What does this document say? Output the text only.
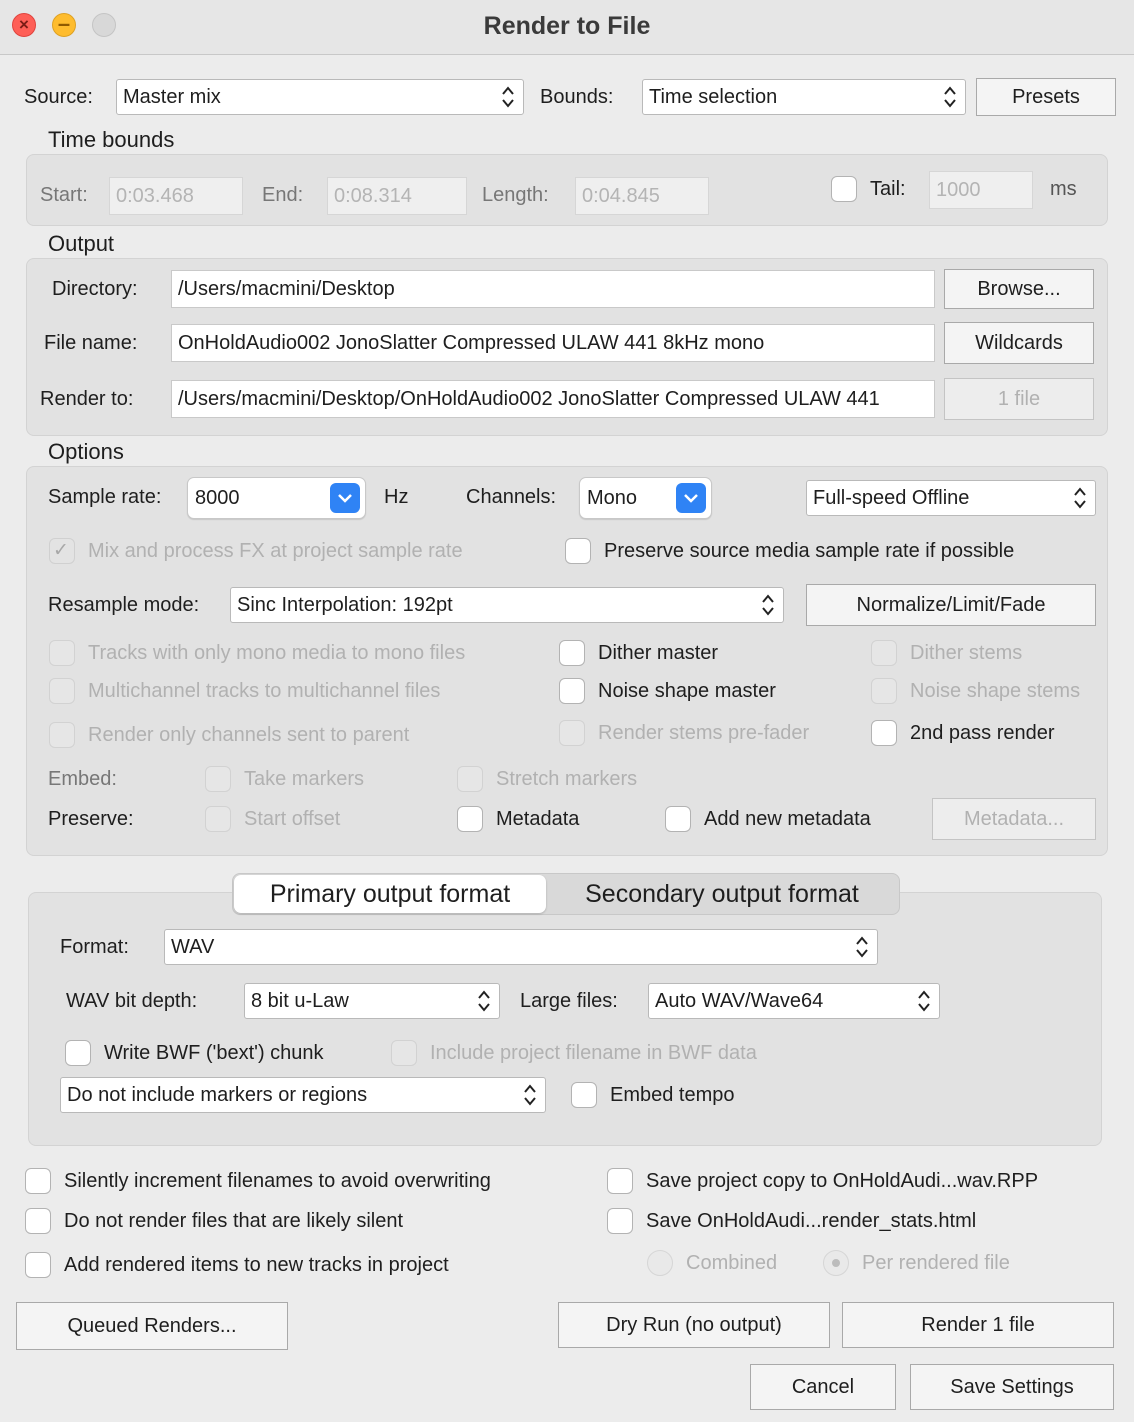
× –	Render to File
Source: Master mix	Bounds: Time selection	Presets
Time bounds
Start:	0:03.468	End:	0:08.314	Length:	0:04.845	Tail:	1000	ms
Output
Directory:	/Users/macmini/Desktop	Browse...
File name:	OnHoldAudio002 JonoSlatter Compressed ULAW 441 8kHz mono	Wildcards
Render to:	/Users/macmini/Desktop/OnHoldAudio002 JonoSlatter Compressed ULAW 441	1 file
Options
Sample rate: 8000	Hz	Channels: Mono	Full-speed Offline
✓ Mix and process FX at project sample rate	Preserve source media sample rate if possible
Resample mode: Sinc Interpolation: 192pt	Normalize/Limit/Fade
Tracks with only mono media to mono files	Dither master	Dither stems
Multichannel tracks to multichannel files	Noise shape master	Noise shape stems
Render only channels sent to parent	Render stems pre-fader	2nd pass render
Embed:	Take markers	Stretch markers
Preserve:	Start offset	Metadata	Add new metadata	Metadata...
Primary output format	Secondary output format
Format: WAV
WAV bit depth:	8 bit u-Law	Large files: Auto WAV/Wave64
Write BWF ('bext') chunk	Include project filename in BWF data
Do not include markers or regions	Embed tempo
Silently increment filenames to avoid overwriting	Save project copy to OnHoldAudi...wav.RPP
Do not render files that are likely silent	Save OnHoldAudi...render_stats.html
Add rendered items to new tracks in project	Combined	Per rendered file
Queued Renders...	Dry Run (no output)	Render 1 file
Cancel	Save Settings
